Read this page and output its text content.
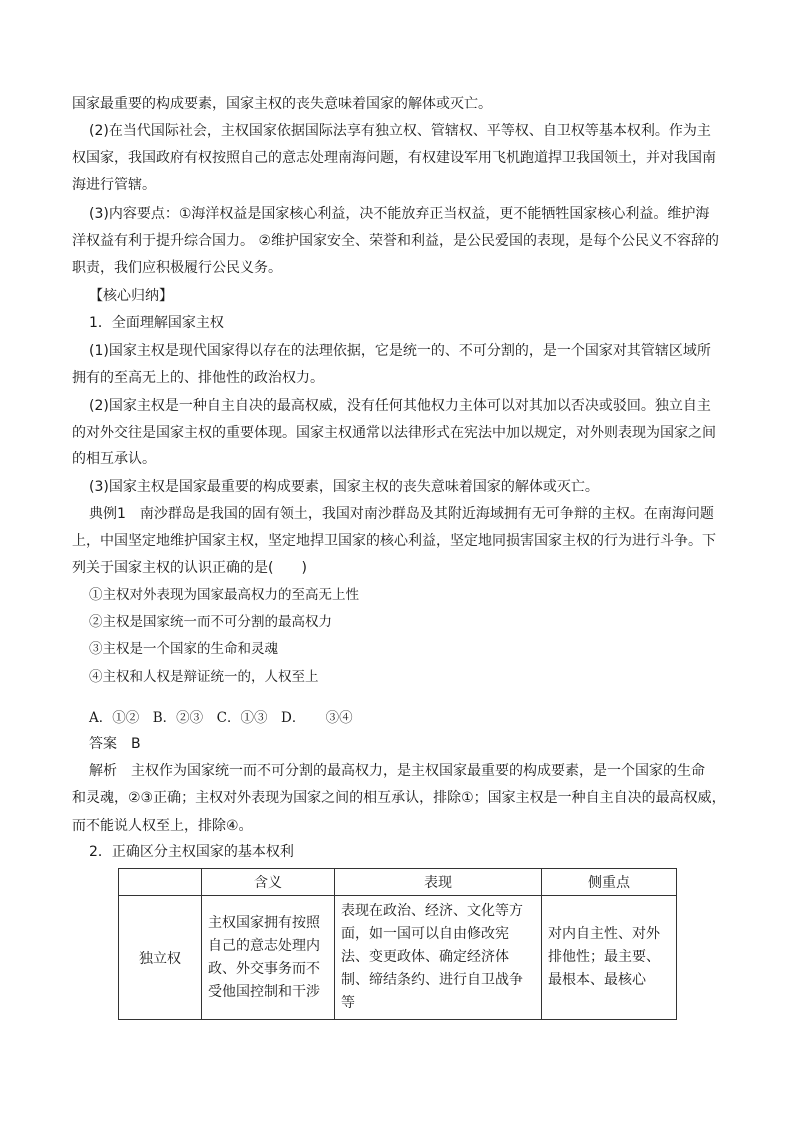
国家最重要的构成要素，国家主权的丧失意味着国家的解体或灭亡。
(2)在当代国际社会，主权国家依据国际法享有独立权、管辖权、平等权、自卫权等基本权利。作为主
权国家，我国政府有权按照自己的意志处理南海问题，有权建设军用飞机跑道捍卫我国领土，并对我国南
海进行管辖。
(3)内容要点：①海洋权益是国家核心利益，决不能放弃正当权益，更不能牺牲国家核心利益。维护海
洋权益有利于提升综合国力。 ②维护国家安全、荣誉和利益，是公民爱国的表现，是每个公民义不容辞的
职责，我们应积极履行公民义务。
【核心归纳】
1．全面理解国家主权
(1)国家主权是现代国家得以存在的法理依据，它是统一的、不可分割的，是一个国家对其管辖区域所
拥有的至高无上的、排他性的政治权力。
(2)国家主权是一种自主自决的最高权威，没有任何其他权力主体可以对其加以否决或驳回。独立自主
的对外交往是国家主权的重要体现。国家主权通常以法律形式在宪法中加以规定，对外则表现为国家之间
的相互承认。
(3)国家主权是国家最重要的构成要素，国家主权的丧失意味着国家的解体或灭亡。
典例1　南沙群岛是我国的固有领土，我国对南沙群岛及其附近海域拥有无可争辩的主权。在南海问题
上，中国坚定地维护国家主权，坚定地捍卫国家的核心利益，坚定地同损害国家主权的行为进行斗争。下
列关于国家主权的认识正确的是(　　)
①主权对外表现为国家最高权力的至高无上性
②主权是国家统一而不可分割的最高权力
③主权是一个国家的生命和灵魂
④主权和人权是辩证统一的，人权至上
A．①②　B．②③　C．①③　D．　　③④
答案　B
解析　主权作为国家统一而不可分割的最高权力，是主权国家最重要的构成要素，是一个国家的生命
和灵魂，②③正确；主权对外表现为国家之间的相互承认，排除①；国家主权是一种自主自决的最高权威，
而不能说人权至上，排除④。
2．正确区分主权国家的基本权利
	含义	表现	侧重点
独立权	主权国家拥有按照自己的意志处理内政、外交事务而不受他国控制和干涉	表现在政治、经济、文化等方面，如一国可以自由修改宪法、变更政体、确定经济体制、缔结条约、进行自卫战争等	对内自主性、对外排他性；最主要、最根本、最核心
